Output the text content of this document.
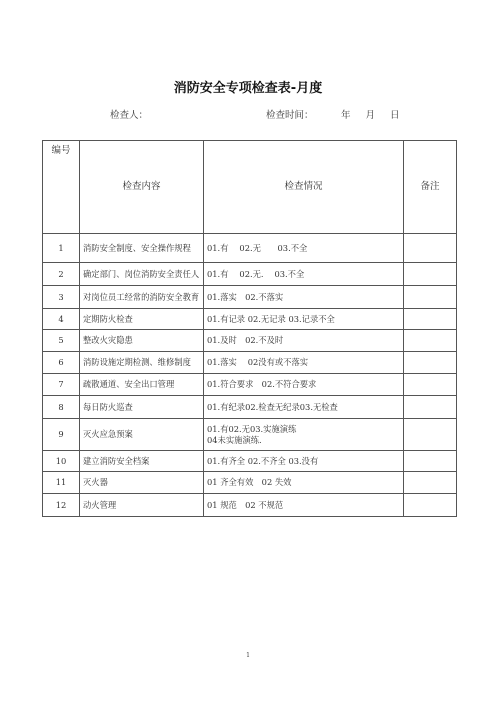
消防安全专项检查表-月度
检查人：	检查时间：	年 月 日
编号	检查内容	检查情况	备注
1	消防安全制度、安全操作规程	01.有　 02.无　　03.不全	
2	确定部门、岗位消防安全责任人	01.有　 02.无.　 03.不全	
3	对岗位员工经常的消防安全教育	01.落实　02.不落实	
4	定期防火检查	01.有记录 02.无记录 03.记录不全	
5	整改火灾隐患	01.及时　02.不及时	
6	消防设施定期检测、维修制度	01.落实　 02没有或不落实	
7	疏散通道、安全出口管理	01.符合要求　02.不符合要求	
8	每日防火巡查	01.有纪录02.检查无纪录03.无检查	
9	灭火应急预案	01.有02.无03.实施演练
04未实施演练.	
10	建立消防安全档案	01.有齐全 02.不齐全 03.没有	
11	灭火器	01 齐全有效　02 失效	
12	动火管理	01 规范　02 不规范	
1
